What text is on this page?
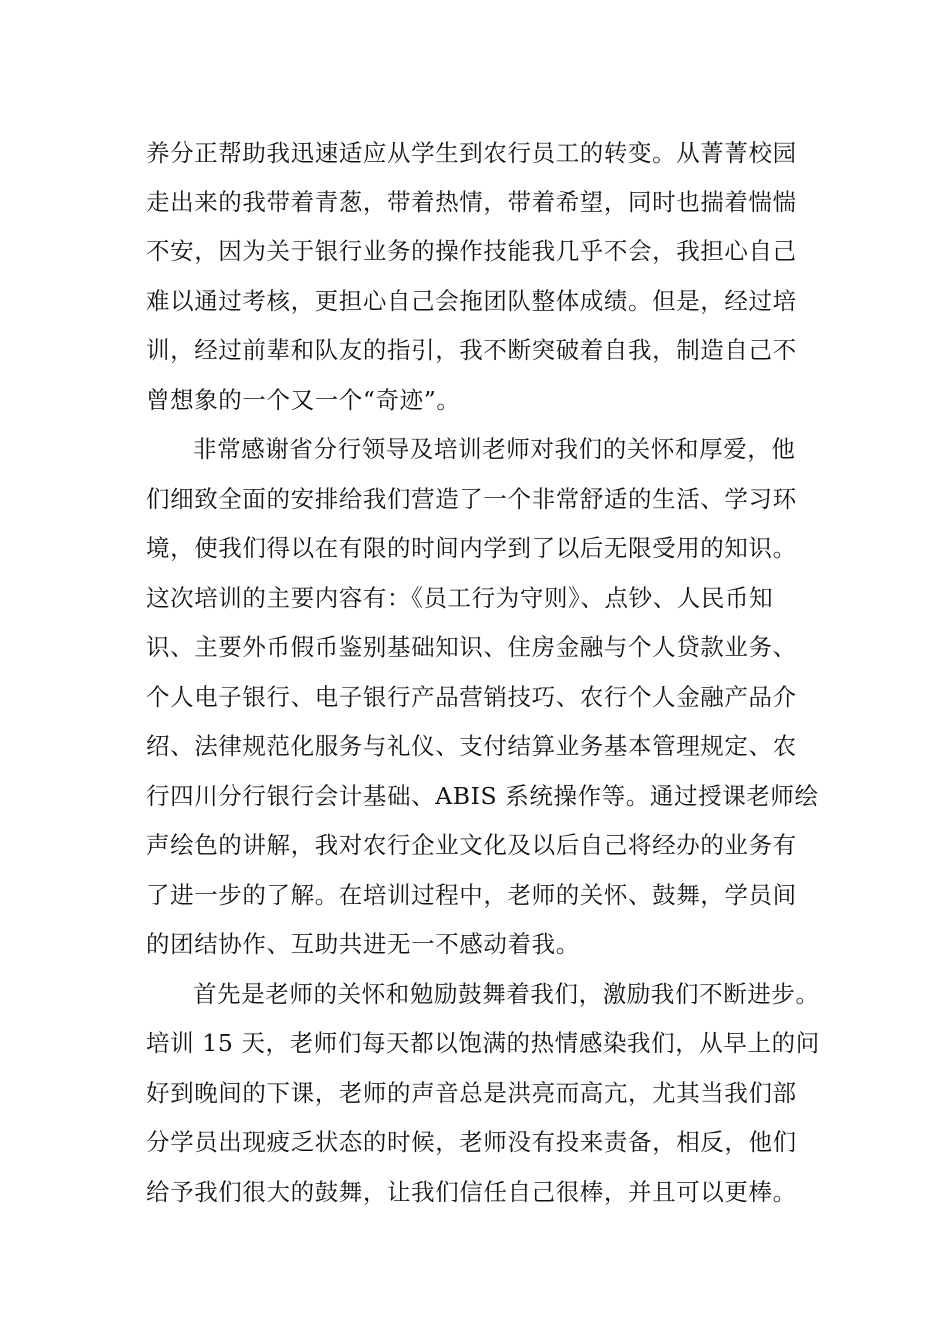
养分正帮助我迅速适应从学生到农行员工的转变。从菁菁校园
走出来的我带着青葱，带着热情，带着希望，同时也揣着惴惴
不安，因为关于银行业务的操作技能我几乎不会，我担心自己
难以通过考核，更担心自己会拖团队整体成绩。但是，经过培
训，经过前辈和队友的指引，我不断突破着自我，制造自己不
曾想象的一个又一个“奇迹”。
非常感谢省分行领导及培训老师对我们的关怀和厚爱，他
们细致全面的安排给我们营造了一个非常舒适的生活、学习环
境，使我们得以在有限的时间内学到了以后无限受用的知识。
这次培训的主要内容有：《员工行为守则》、点钞、人民币知
识、主要外币假币鉴别基础知识、住房金融与个人贷款业务、
个人电子银行、电子银行产品营销技巧、农行个人金融产品介
绍、法律规范化服务与礼仪、支付结算业务基本管理规定、农
行四川分行银行会计基础、ABIS 系统操作等。通过授课老师绘
声绘色的讲解，我对农行企业文化及以后自己将经办的业务有
了进一步的了解。在培训过程中，老师的关怀、鼓舞，学员间
的团结协作、互助共进无一不感动着我。
首先是老师的关怀和勉励鼓舞着我们，激励我们不断进步。
培训 15 天，老师们每天都以饱满的热情感染我们，从早上的问
好到晚间的下课，老师的声音总是洪亮而高亢，尤其当我们部
分学员出现疲乏状态的时候，老师没有投来责备，相反，他们
给予我们很大的鼓舞，让我们信任自己很棒，并且可以更棒。
